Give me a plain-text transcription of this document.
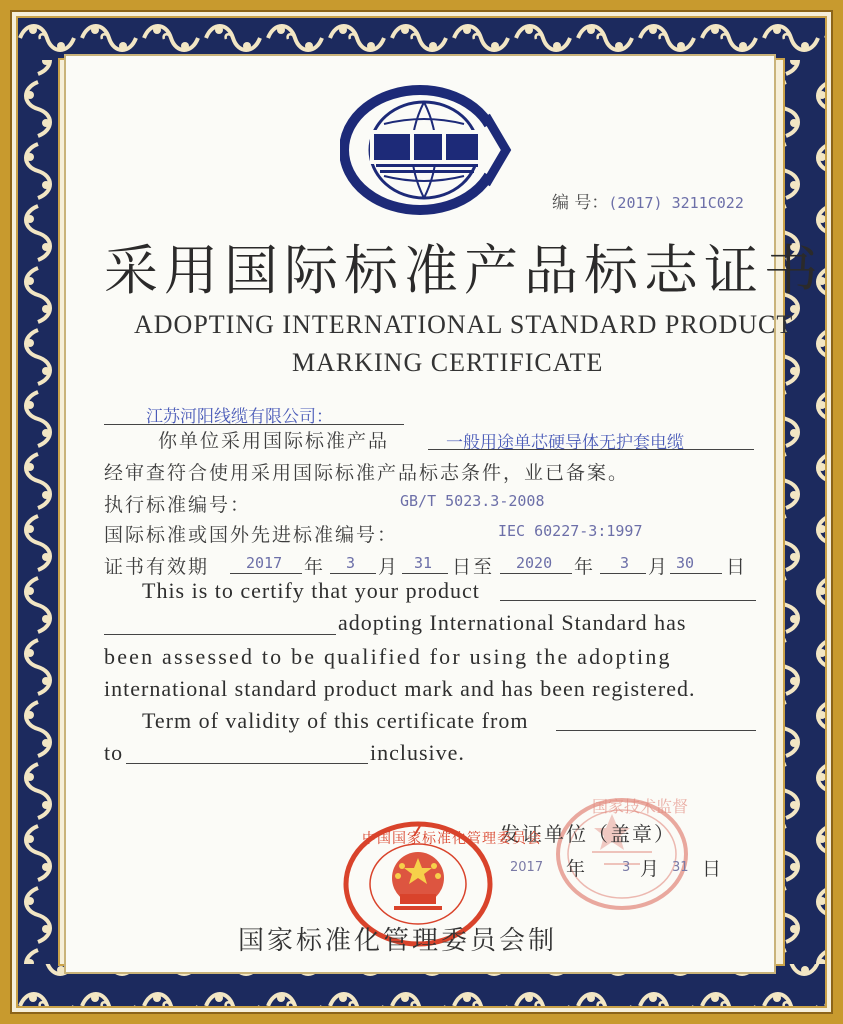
编 号：(2017) 3211C022
采用国际标准产品标志证书
ADOPTING INTERNATIONAL STANDARD PRODUCT
MARKING CERTIFICATE
江苏河阳线缆有限公司：
你单位采用国际标准产品	一般用途单芯硬导体无护套电缆
经审查符合使用采用国际标准产品标志条件，业已备案。
执行标准编号：	GB/T 5023.3-2008
国际标准或国外先进标准编号：	IEC 60227-3:1997
证书有效期 2017 年 3 月 31 日至 2020 年 3 月 30 日
This is to certify that your product
adopting International Standard has
been assessed to be qualified for using the adopting
international standard product mark and has been registered.
Term of validity of this certificate from
to	inclusive.
国家技术监督
发证单位（盖章）
2017 年	3 月 31 日
中国国家标准化管理委员会
国家标准化管理委员会制
